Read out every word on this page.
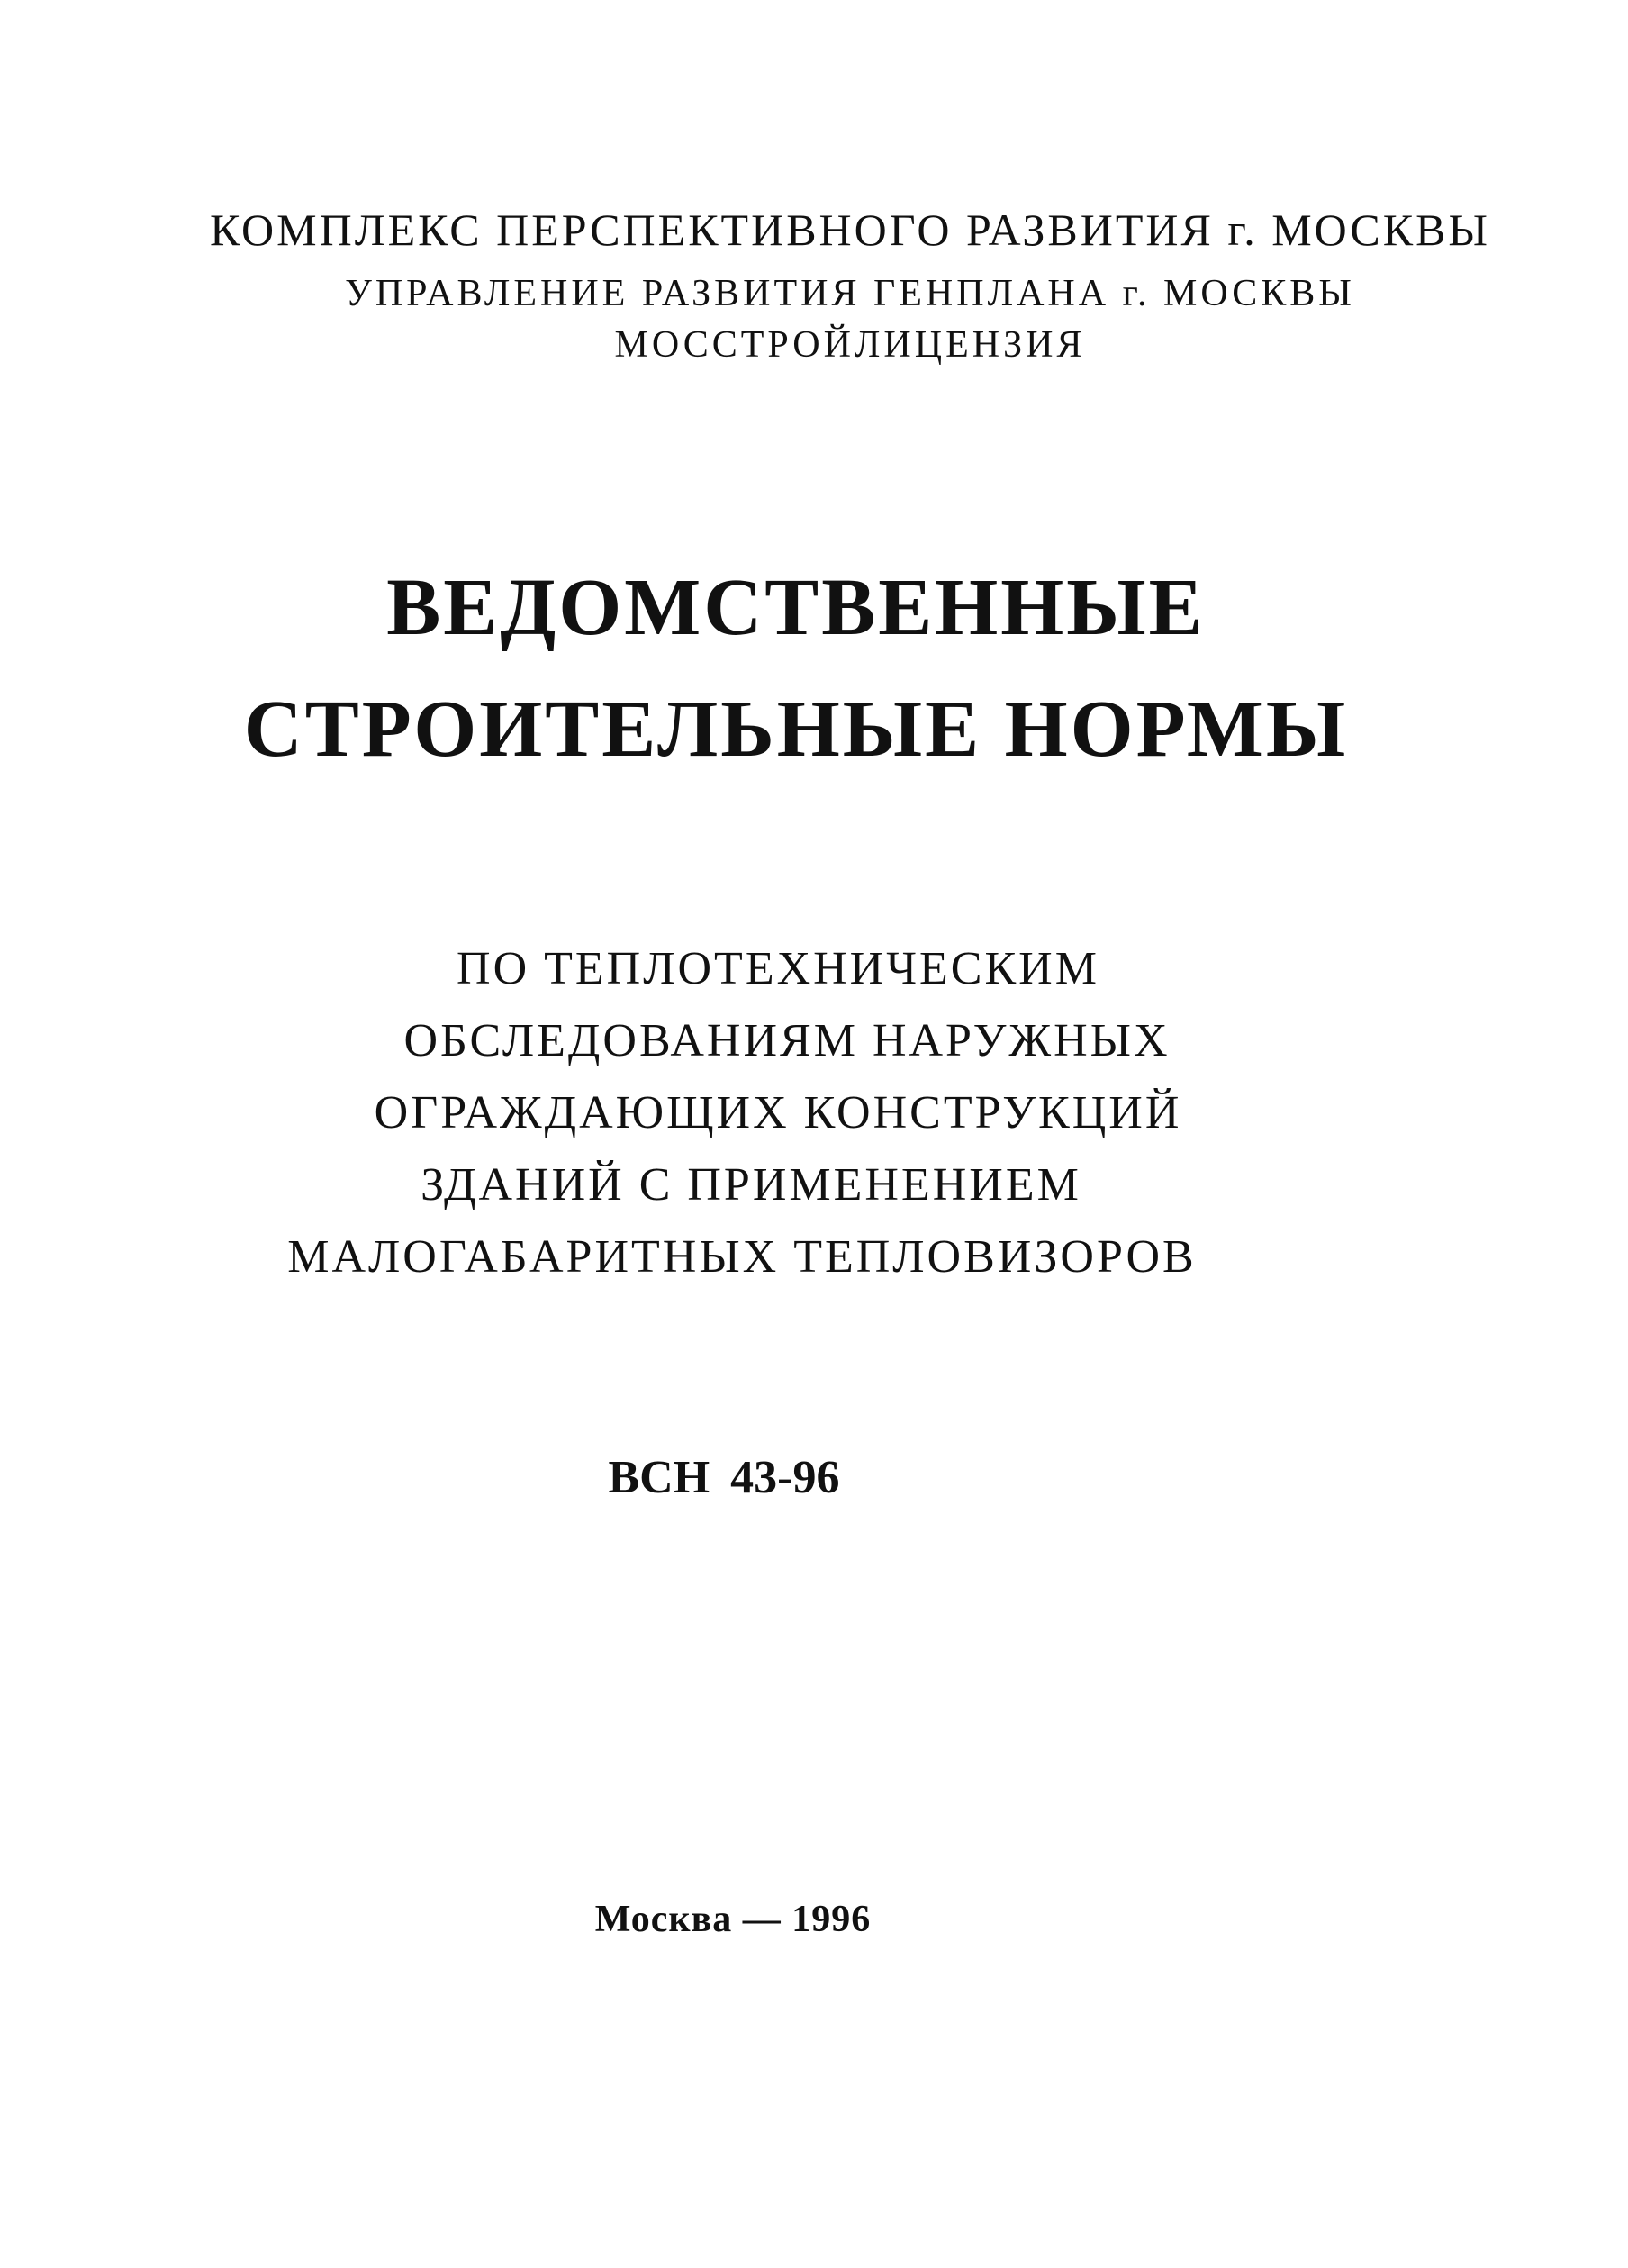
КОМПЛЕКС ПЕРСПЕКТИВНОГО РАЗВИТИЯ г. МОСКВЫ

УПРАВЛЕНИЕ РАЗВИТИЯ ГЕНПЛАНА г. МОСКВЫ

МОССТРОЙЛИЦЕНЗИЯ

ВЕДОМСТВЕННЫЕ
СТРОИТЕЛЬНЫЕ НОРМЫ

ПО ТЕПЛОТЕХНИЧЕСКИМ

ОБСЛЕДОВАНИЯМ НАРУЖНЫХ

ОГРАЖДАЮЩИХ КОНСТРУКЦИЙ

ЗДАНИЙ С ПРИМЕНЕНИЕМ

МАЛОГАБАРИТНЫХ ТЕПЛОВИЗОРОВ

ВСН 43-96

Москва — 1996
